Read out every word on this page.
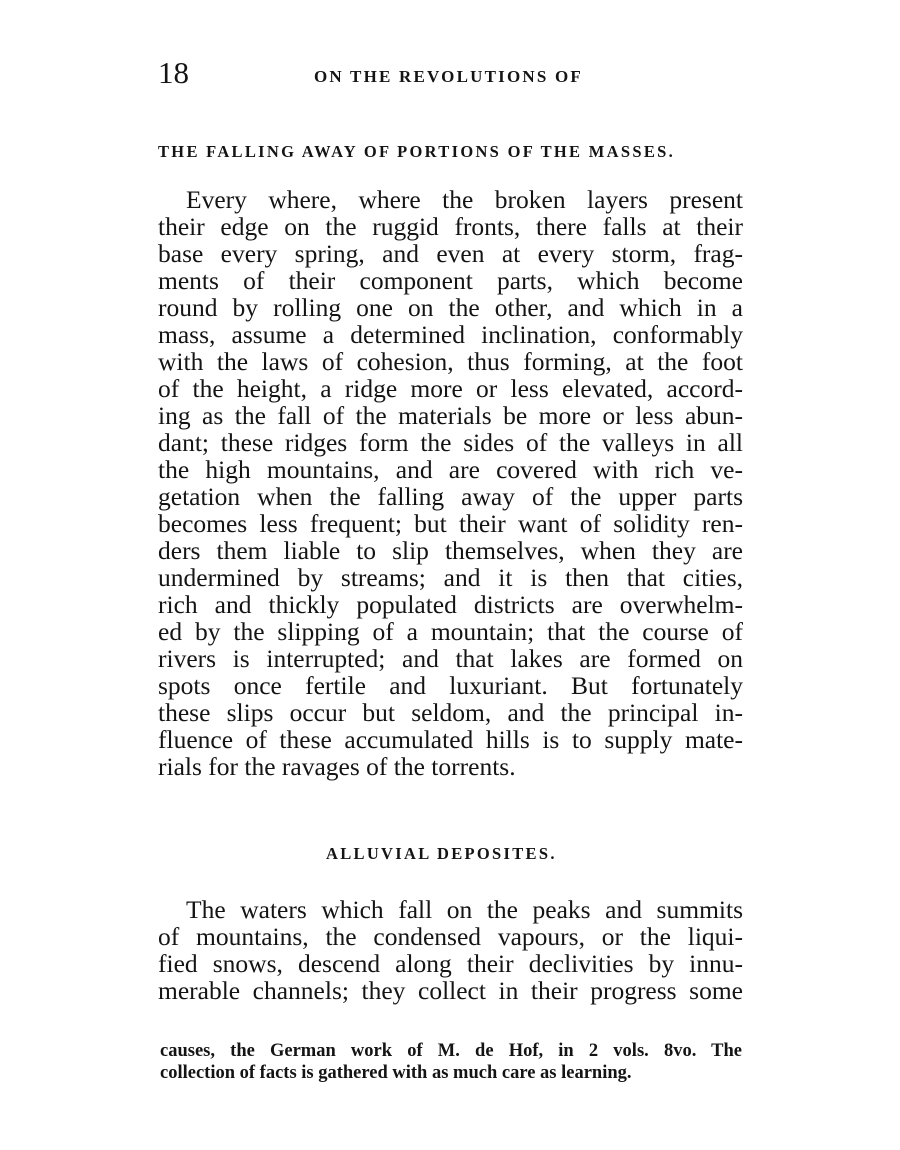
18	ON THE REVOLUTIONS OF
THE FALLING AWAY OF PORTIONS OF THE MASSES.
Every where, where the broken layers present
their edge on the ruggid fronts, there falls at their
base every spring, and even at every storm, frag-
ments of their component parts, which become
round by rolling one on the other, and which in a
mass, assume a determined inclination, conformably
with the laws of cohesion, thus forming, at the foot
of the height, a ridge more or less elevated, accord-
ing as the fall of the materials be more or less abun-
dant; these ridges form the sides of the valleys in all
the high mountains, and are covered with rich ve-
getation when the falling away of the upper parts
becomes less frequent; but their want of solidity ren-
ders them liable to slip themselves, when they are
undermined by streams; and it is then that cities,
rich and thickly populated districts are overwhelm-
ed by the slipping of a mountain; that the course of
rivers is interrupted; and that lakes are formed on
spots once fertile and luxuriant. But fortunately
these slips occur but seldom, and the principal in-
fluence of these accumulated hills is to supply mate-
rials for the ravages of the torrents.
ALLUVIAL DEPOSITES.
The waters which fall on the peaks and summits
of mountains, the condensed vapours, or the liqui-
fied snows, descend along their declivities by innu-
merable channels; they collect in their progress some
causes, the German work of M. de Hof, in 2 vols. 8vo. The
collection of facts is gathered with as much care as learning.
